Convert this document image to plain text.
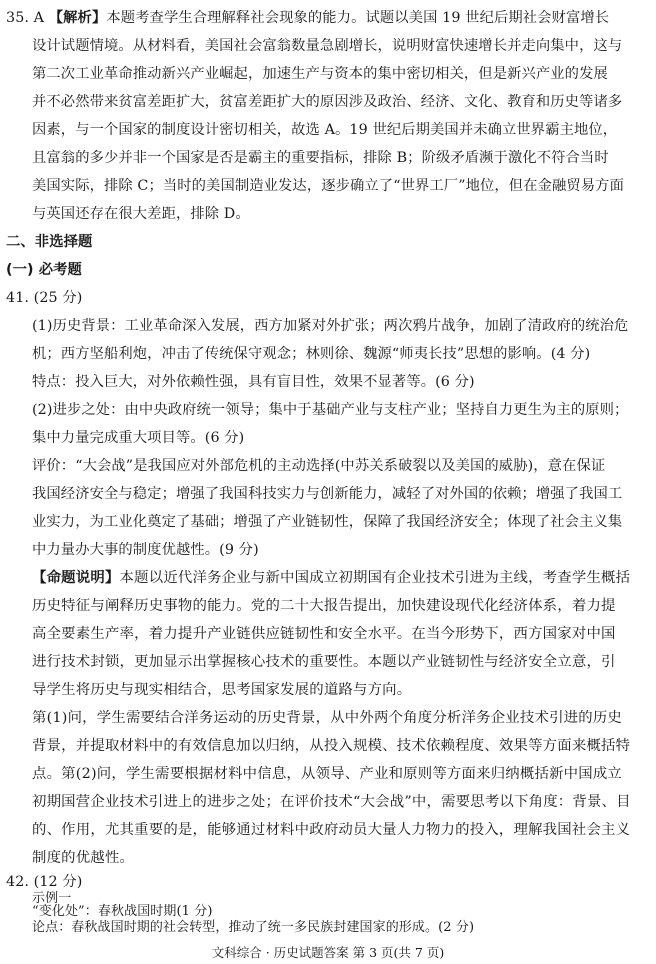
35. A 【解析】本题考查学生合理解释社会现象的能力。试题以美国 19 世纪后期社会财富增长
设计试题情境。从材料看，美国社会富翁数量急剧增长，说明财富快速增长并走向集中，这与
第二次工业革命推动新兴产业崛起，加速生产与资本的集中密切相关，但是新兴产业的发展
并不必然带来贫富差距扩大，贫富差距扩大的原因涉及政治、经济、文化、教育和历史等诸多
因素，与一个国家的制度设计密切相关，故选 A。19 世纪后期美国并未确立世界霸主地位，
且富翁的多少并非一个国家是否是霸主的重要指标，排除 B；阶级矛盾濒于激化不符合当时
美国实际，排除 C；当时的美国制造业发达，逐步确立了“世界工厂”地位，但在金融贸易方面
与英国还存在很大差距，排除 D。
二、非选择题
(一) 必考题
41. (25 分)
(1)历史背景：工业革命深入发展，西方加紧对外扩张；两次鸦片战争，加剧了清政府的统治危
机；西方坚船利炮，冲击了传统保守观念；林则徐、魏源“师夷长技”思想的影响。(4 分)
特点：投入巨大，对外依赖性强，具有盲目性，效果不显著等。(6 分)
(2)进步之处：由中央政府统一领导；集中于基础产业与支柱产业；坚持自力更生为主的原则；
集中力量完成重大项目等。(6 分)
评价：“大会战”是我国应对外部危机的主动选择(中苏关系破裂以及美国的威胁)，意在保证
我国经济安全与稳定；增强了我国科技实力与创新能力，减轻了对外国的依赖；增强了我国工
业实力，为工业化奠定了基础；增强了产业链韧性，保障了我国经济安全；体现了社会主义集
中力量办大事的制度优越性。(9 分)
【命题说明】本题以近代洋务企业与新中国成立初期国有企业技术引进为主线，考查学生概括
历史特征与阐释历史事物的能力。党的二十大报告提出，加快建设现代化经济体系，着力提
高全要素生产率，着力提升产业链供应链韧性和安全水平。在当今形势下，西方国家对中国
进行技术封锁，更加显示出掌握核心技术的重要性。本题以产业链韧性与经济安全立意，引
导学生将历史与现实相结合，思考国家发展的道路与方向。
第(1)问，学生需要结合洋务运动的历史背景，从中外两个角度分析洋务企业技术引进的历史
背景，并提取材料中的有效信息加以归纳，从投入规模、技术依赖程度、效果等方面来概括特
点。第(2)问，学生需要根据材料中信息，从领导、产业和原则等方面来归纳概括新中国成立
初期国营企业技术引进上的进步之处；在评价技术“大会战”中，需要思考以下角度：背景、目
的、作用，尤其重要的是，能够通过材料中政府动员大量人力物力的投入，理解我国社会主义
制度的优越性。
42. (12 分)
示例一
“变化处”：春秋战国时期(1 分)
文科综合 · 历史试题答案 第 3 页(共 7 页)
论点：春秋战国时期的社会转型，推动了统一多民族封建国家的形成。(2 分)
